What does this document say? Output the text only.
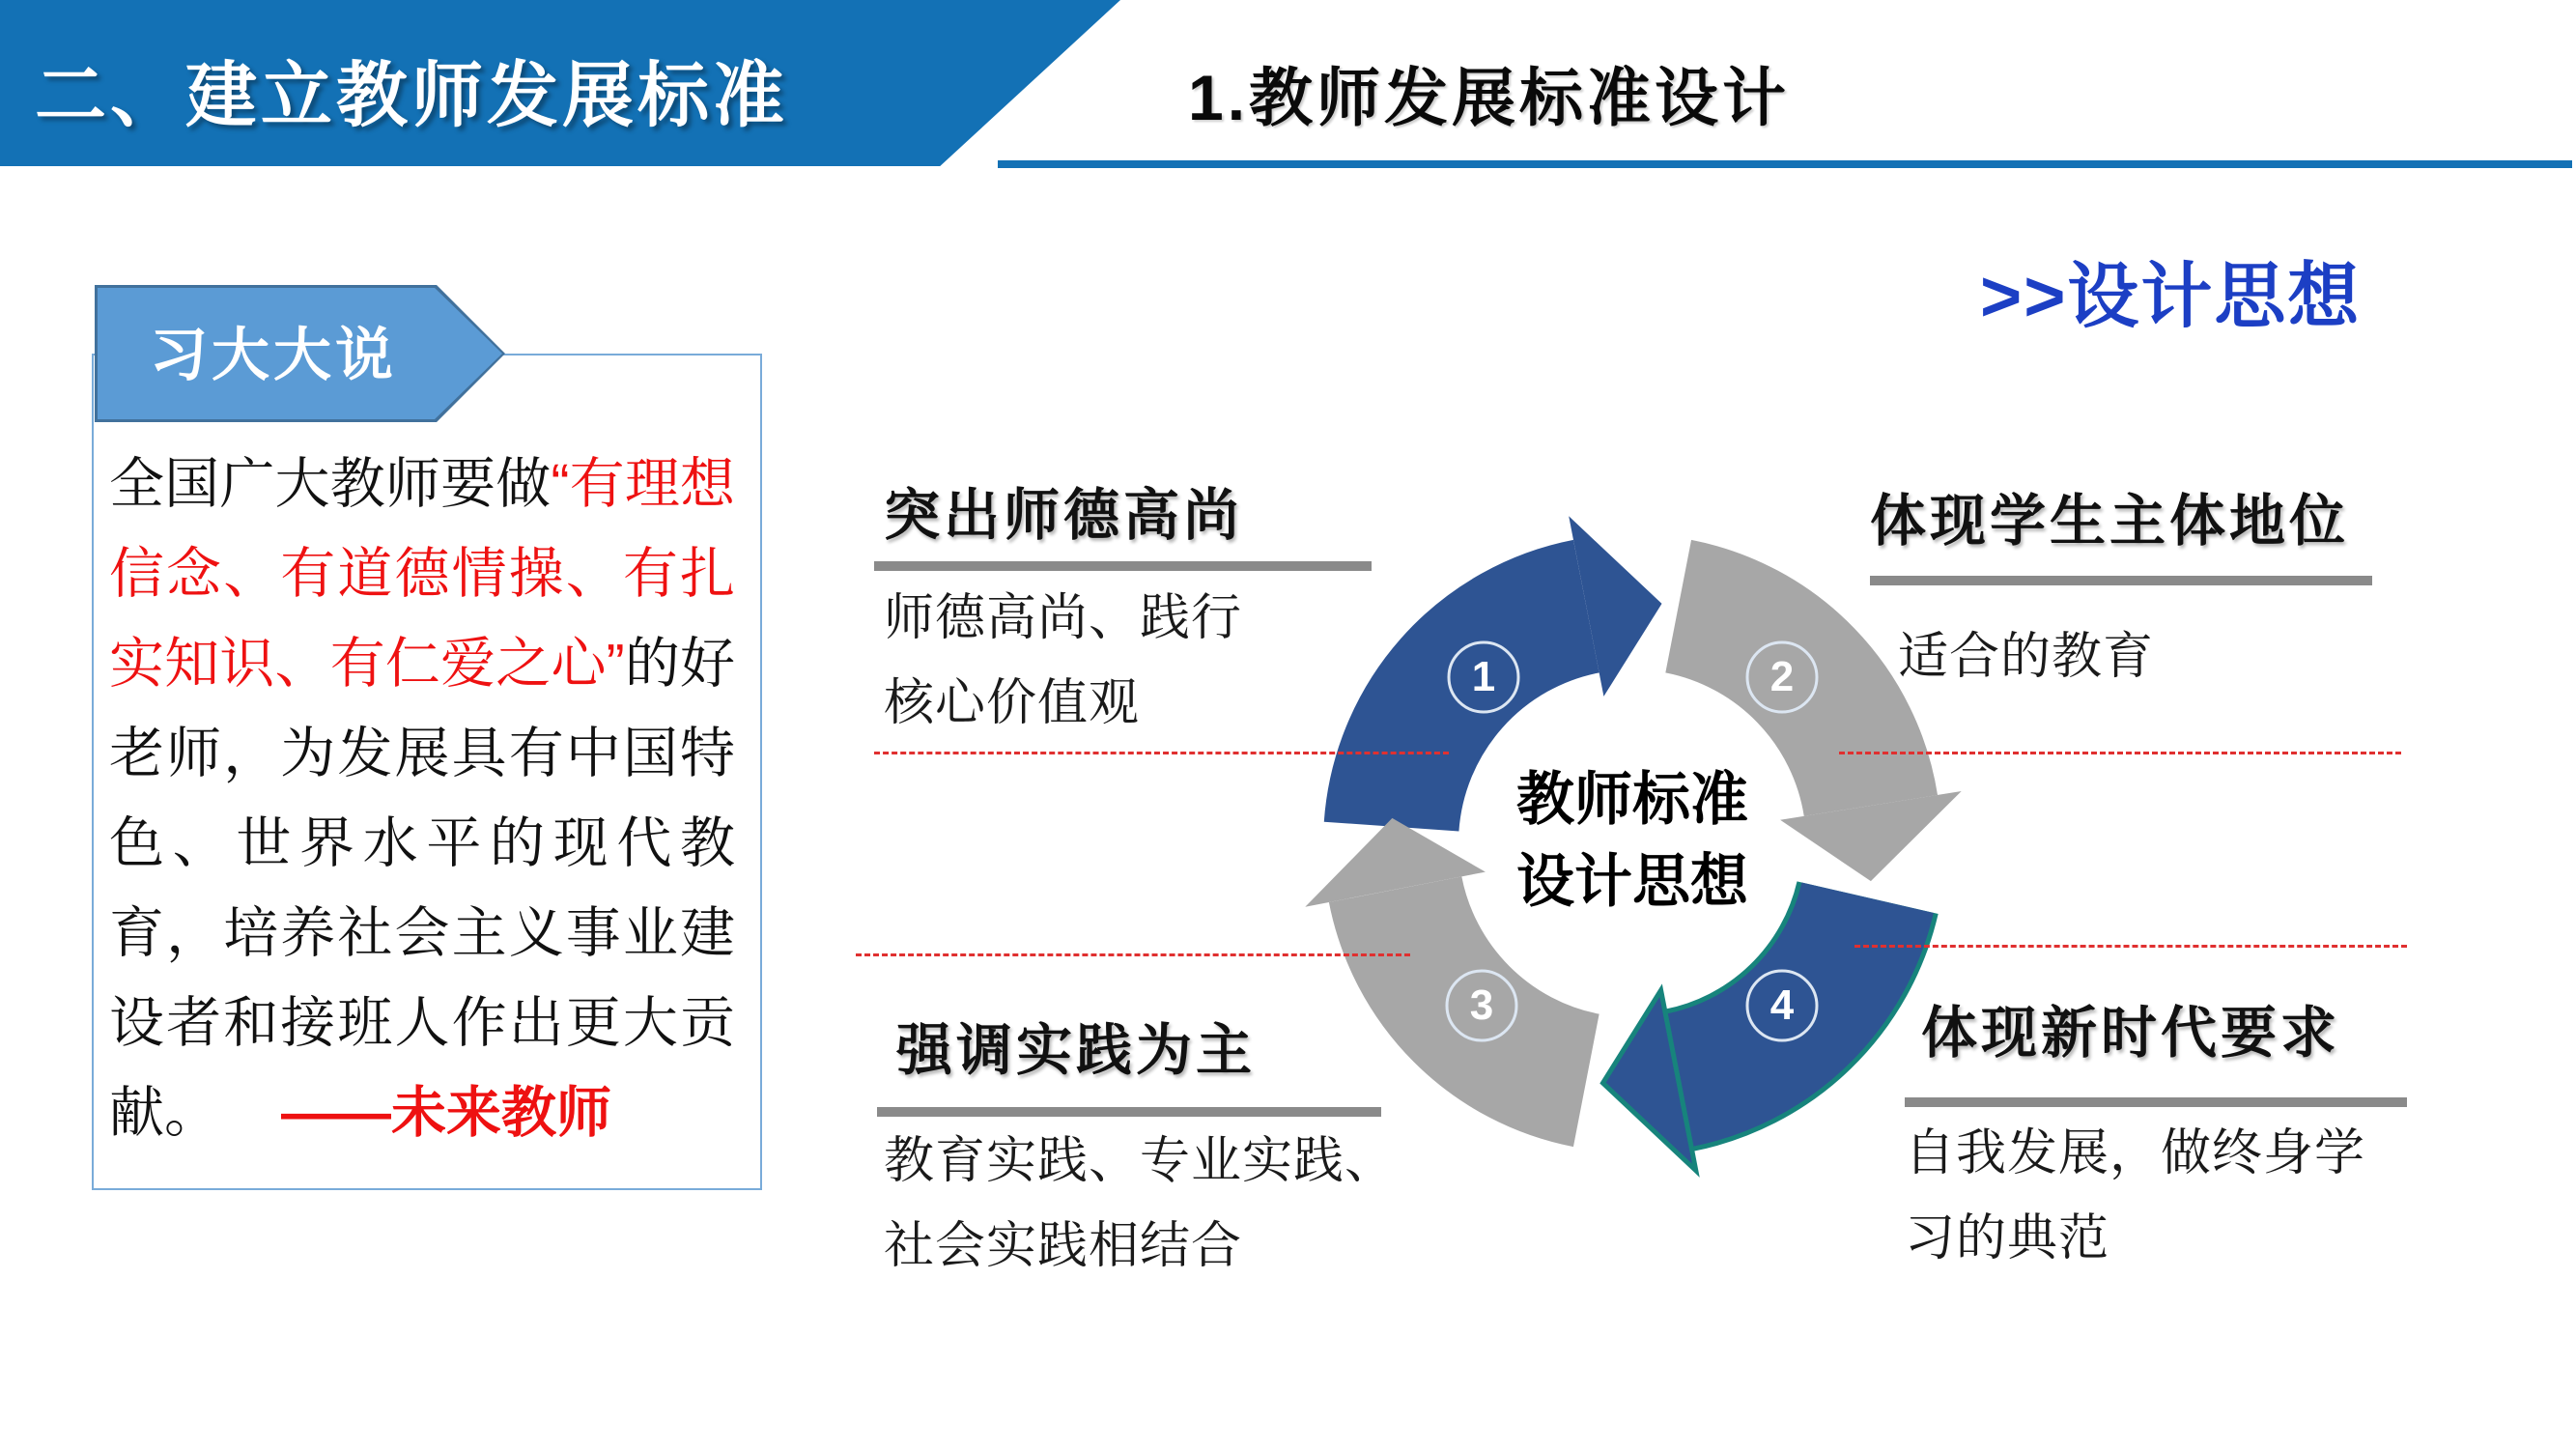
二、建立教师发展标准	1.教师发展标准设计
>>设计思想
习大大说
全国广大教师要做“有理想信念、有道德情操、有扎实知识、有仁爱之心”的好老师，为发展具有中国特色、世界水平的现代教育，培养社会主义事业建设者和接班人作出更大贡献。 ——未来教师
1	2
3	4
教师标准
设计思想
突出师德高尚
师德高尚、践行核心价值观
体现学生主体地位
适合的教育
强调实践为主
教育实践、专业实践、社会实践相结合
体现新时代要求
自我发展，做终身学习的典范
